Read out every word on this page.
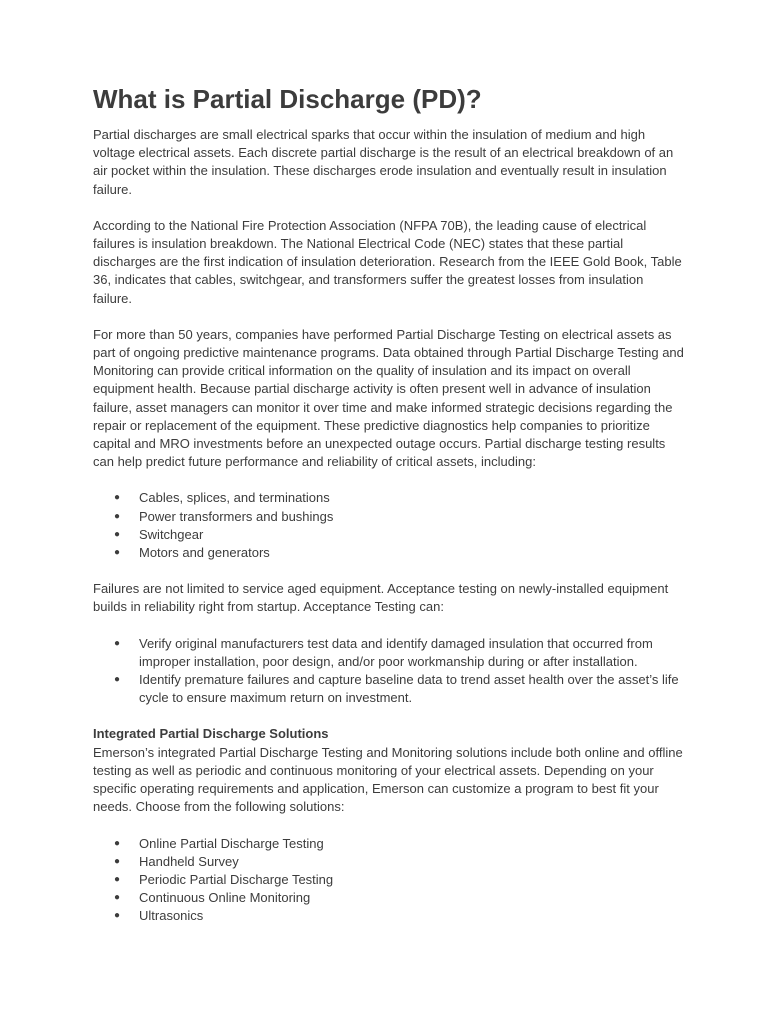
What is Partial Discharge (PD)?

Partial discharges are small electrical sparks that occur within the insulation of medium and high voltage electrical assets. Each discrete partial discharge is the result of an electrical breakdown of an air pocket within the insulation. These discharges erode insulation and eventually result in insulation failure.

According to the National Fire Protection Association (NFPA 70B), the leading cause of electrical failures is insulation breakdown. The National Electrical Code (NEC) states that these partial discharges are the first indication of insulation deterioration. Research from the IEEE Gold Book, Table 36, indicates that cables, switchgear, and transformers suffer the greatest losses from insulation failure.

For more than 50 years, companies have performed Partial Discharge Testing on electrical assets as part of ongoing predictive maintenance programs. Data obtained through Partial Discharge Testing and Monitoring can provide critical information on the quality of insulation and its impact on overall equipment health. Because partial discharge activity is often present well in advance of insulation failure, asset managers can monitor it over time and make informed strategic decisions regarding the repair or replacement of the equipment. These predictive diagnostics help companies to prioritize capital and MRO investments before an unexpected outage occurs. Partial discharge testing results can help predict future performance and reliability of critical assets, including:

● Cables, splices, and terminations
● Power transformers and bushings
● Switchgear
● Motors and generators

Failures are not limited to service aged equipment. Acceptance testing on newly-installed equipment builds in reliability right from startup. Acceptance Testing can:

● Verify original manufacturers test data and identify damaged insulation that occurred from improper installation, poor design, and/or poor workmanship during or after installation.
● Identify premature failures and capture baseline data to trend asset health over the asset’s life cycle to ensure maximum return on investment.
Integrated Partial Discharge Solutions

Emerson’s integrated Partial Discharge Testing and Monitoring solutions include both online and offline testing as well as periodic and continuous monitoring of your electrical assets. Depending on your specific operating requirements and application, Emerson can customize a program to best fit your needs. Choose from the following solutions:

● Online Partial Discharge Testing
● Handheld Survey
● Periodic Partial Discharge Testing
● Continuous Online Monitoring
● Ultrasonics
